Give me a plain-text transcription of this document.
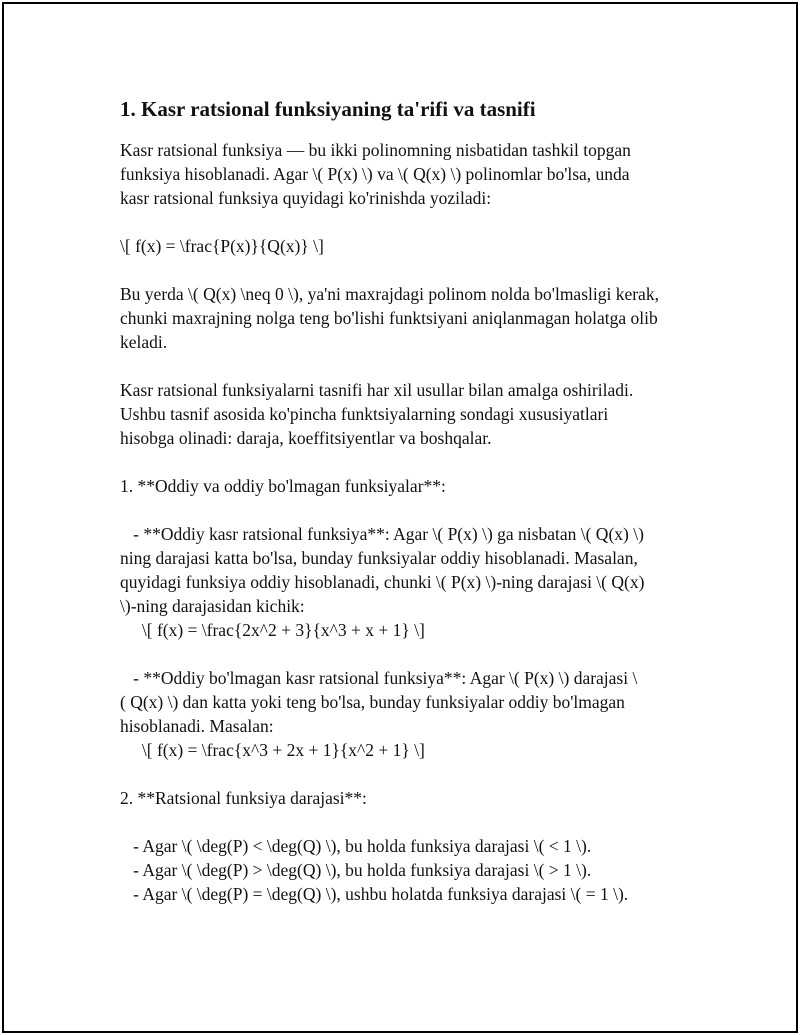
1. Kasr ratsional funksiyaning ta'rifi va tasnifi
Kasr ratsional funksiya — bu ikki polinomning nisbatidan tashkil topgan
funksiya hisoblanadi. Agar \( P(x) \) va \( Q(x) \) polinomlar bo'lsa, unda
kasr ratsional funksiya quyidagi ko'rinishda yoziladi:
\[ f(x) = \frac{P(x)}{Q(x)} \]
Bu yerda \( Q(x) \neq 0 \), ya'ni maxrajdagi polinom nolda bo'lmasligi kerak,
chunki maxrajning nolga teng bo'lishi funktsiyani aniqlanmagan holatga olib
keladi.
Kasr ratsional funksiyalarni tasnifi har xil usullar bilan amalga oshiriladi.
Ushbu tasnif asosida ko'pincha funktsiyalarning sondagi xususiyatlari
hisobga olinadi: daraja, koeffitsiyentlar va boshqalar.
1. **Oddiy va oddiy bo'lmagan funksiyalar**:
- **Oddiy kasr ratsional funksiya**: Agar \( P(x) \) ga nisbatan \( Q(x) \)
ning darajasi katta bo'lsa, bunday funksiyalar oddiy hisoblanadi. Masalan,
quyidagi funksiya oddiy hisoblanadi, chunki \( P(x) \)-ning darajasi \( Q(x)
\)-ning darajasidan kichik:
\[ f(x) = \frac{2x^2 + 3}{x^3 + x + 1} \]
- **Oddiy bo'lmagan kasr ratsional funksiya**: Agar \( P(x) \) darajasi \
( Q(x) \) dan katta yoki teng bo'lsa, bunday funksiyalar oddiy bo'lmagan
hisoblanadi. Masalan:
\[ f(x) = \frac{x^3 + 2x + 1}{x^2 + 1} \]
2. **Ratsional funksiya darajasi**:
- Agar \( \deg(P) < \deg(Q) \), bu holda funksiya darajasi \( < 1 \).
- Agar \( \deg(P) > \deg(Q) \), bu holda funksiya darajasi \( > 1 \).
- Agar \( \deg(P) = \deg(Q) \), ushbu holatda funksiya darajasi \( = 1 \).
